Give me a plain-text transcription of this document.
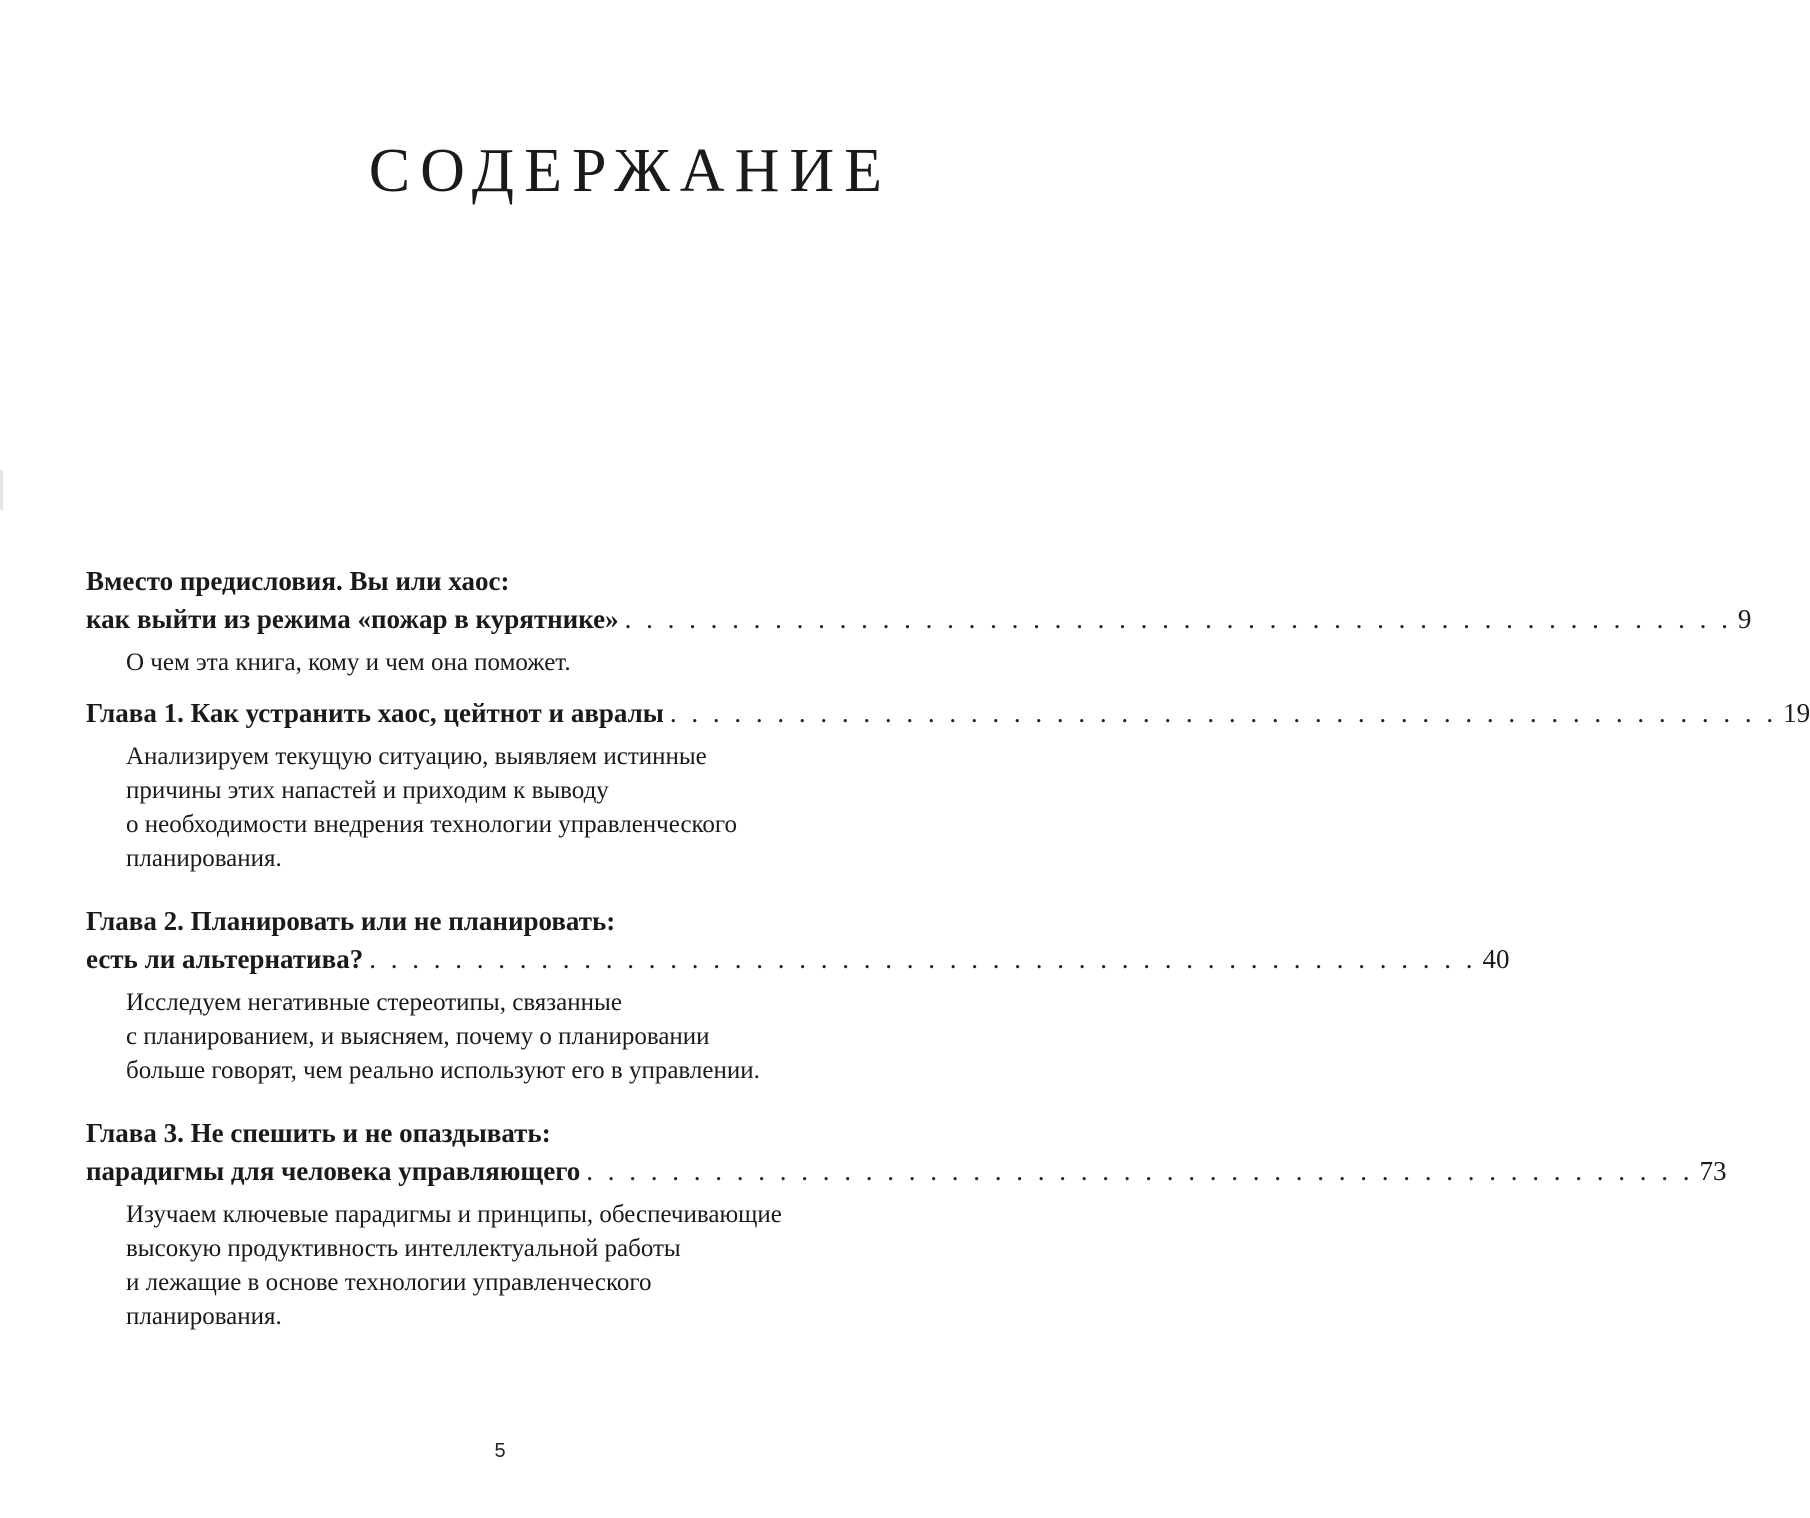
СОДЕРЖАНИЕ
Вместо предисловия. Вы или хаос:
как выйти из режима «пожар в курятнике» . . . . . . . . . . . . . . . . . . . . . . . . . . . . . . . . . . . . . . . . . . . . . . . . . . . . 9
О чем эта книга, кому и чем она поможет.
Глава 1. Как устранить хаос, цейтнот и авралы . . . . . . . . . . . . . . . . . . . . . . . . . . . . . . . . . . . . . . . . . . . . . . . . . . . . 19
Анализируем текущую ситуацию, выявляем истинные
причины этих напастей и приходим к выводу
о необходимости внедрения технологии управленческого
планирования.
Глава 2. Планировать или не планировать:
есть ли альтернатива? . . . . . . . . . . . . . . . . . . . . . . . . . . . . . . . . . . . . . . . . . . . . . . . . . . . . 40
Исследуем негативные стереотипы, связанные
с планированием, и выясняем, почему о планировании
больше говорят, чем реально используют его в управлении.
Глава 3. Не спешить и не опаздывать:
парадигмы для человека управляющего . . . . . . . . . . . . . . . . . . . . . . . . . . . . . . . . . . . . . . . . . . . . . . . . . . . . 73
Изучаем ключевые парадигмы и принципы, обеспечивающие
высокую продуктивность интеллектуальной работы
и лежащие в основе технологии управленческого
планирования.
5
